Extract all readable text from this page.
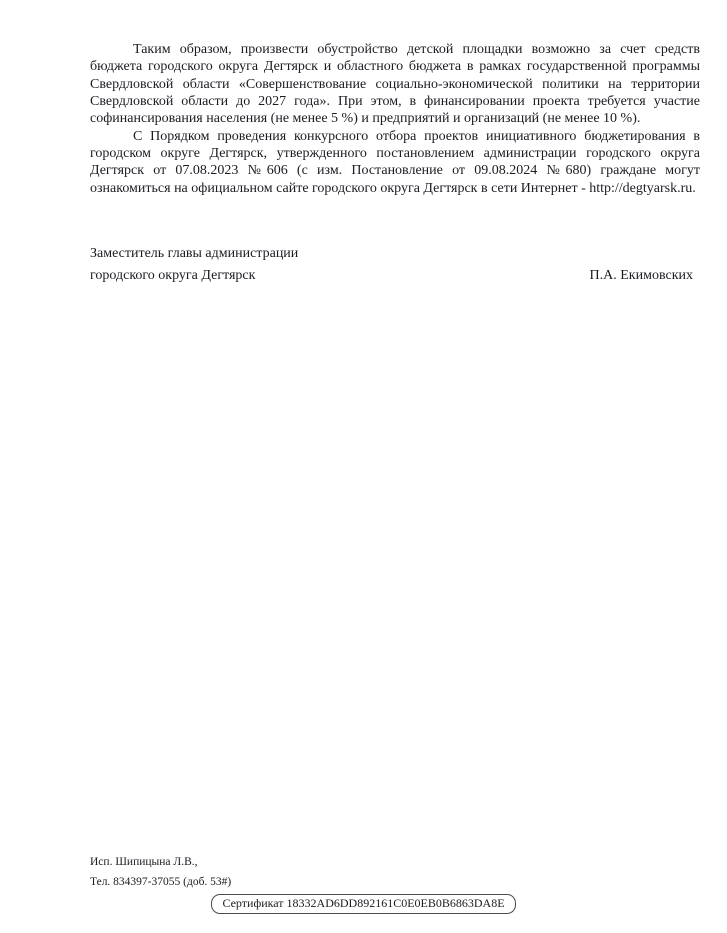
Таким образом, произвести обустройство детской площадки возможно за счет средств бюджета городского округа Дегтярск и областного бюджета в рамках государственной программы Свердловской области «Совершенствование социально-экономической политики на территории Свердловской области до 2027 года». При этом, в финансировании проекта требуется участие софинансирования населения (не менее 5 %) и предприятий и организаций (не менее 10 %).

С Порядком проведения конкурсного отбора проектов инициативного бюджетирования в городском округе Дегтярск, утвержденного постановлением администрации городского округа Дегтярск от 07.08.2023 №606 (с изм. Постановление от 09.08.2024 №680) граждане могут ознакомиться на официальном сайте городского округа Дегтярск в сети Интернет - http://degtyarsk.ru.

Заместитель главы администрации
городского округа Дегтярск	П.А. Екимовских
Исп. Шипицына Л.В.,
Тел. 834397-37055 (доб. 53#)
Сертификат 18332AD6DD892161C0E0EB0B6863DA8E
